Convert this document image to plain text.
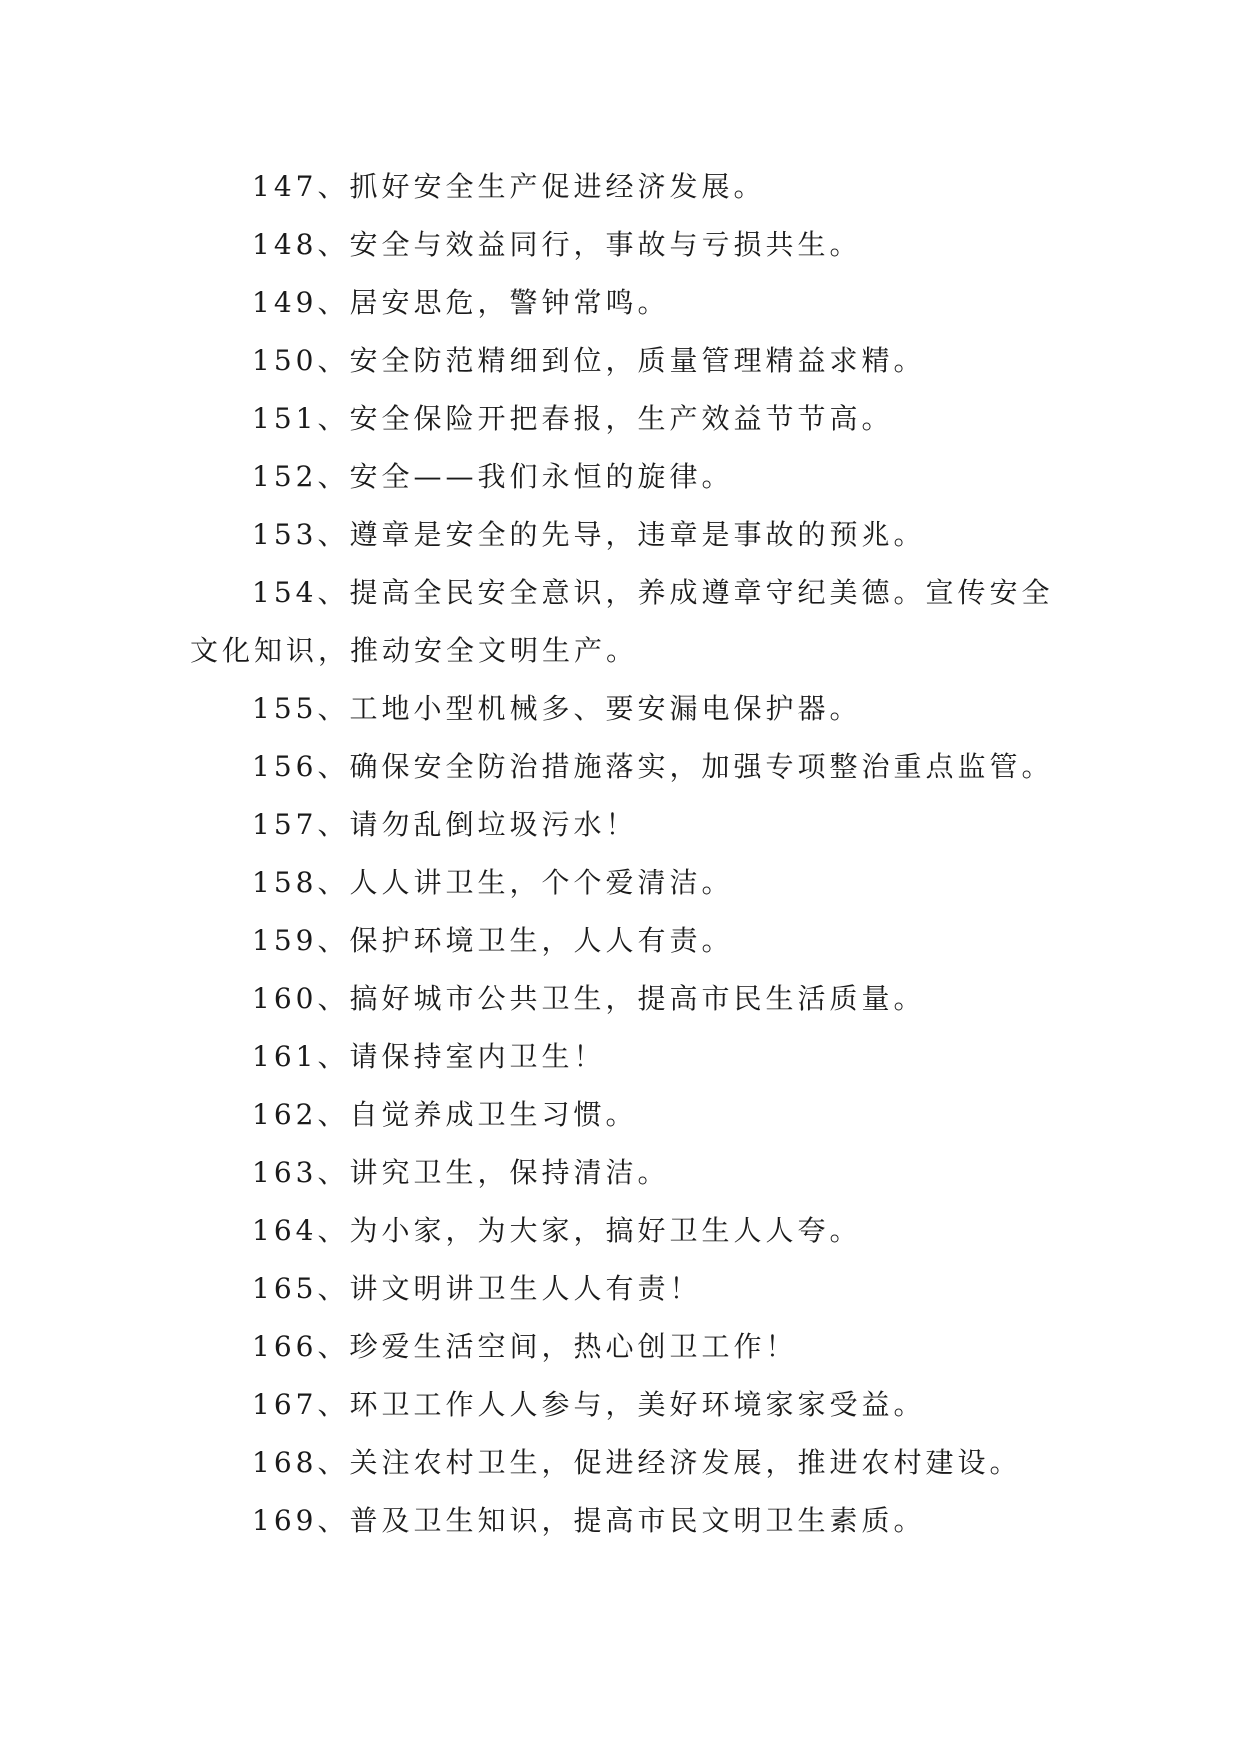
147、抓好安全生产促进经济发展。

148、安全与效益同行，事故与亏损共生。

149、居安思危，警钟常鸣。

150、安全防范精细到位，质量管理精益求精。

151、安全保险开把春报，生产效益节节高。

152、安全——我们永恒的旋律。

153、遵章是安全的先导，违章是事故的预兆。

154、提高全民安全意识，养成遵章守纪美德。宣传安全文化知识，推动安全文明生产。

155、工地小型机械多、要安漏电保护器。

156、确保安全防治措施落实，加强专项整治重点监管。

157、请勿乱倒垃圾污水！

158、人人讲卫生，个个爱清洁。

159、保护环境卫生，人人有责。

160、搞好城市公共卫生，提高市民生活质量。

161、请保持室内卫生！

162、自觉养成卫生习惯。

163、讲究卫生，保持清洁。

164、为小家，为大家，搞好卫生人人夸。

165、讲文明讲卫生人人有责！

166、珍爱生活空间，热心创卫工作！

167、环卫工作人人参与，美好环境家家受益。

168、关注农村卫生，促进经济发展，推进农村建设。

169、普及卫生知识，提高市民文明卫生素质。
